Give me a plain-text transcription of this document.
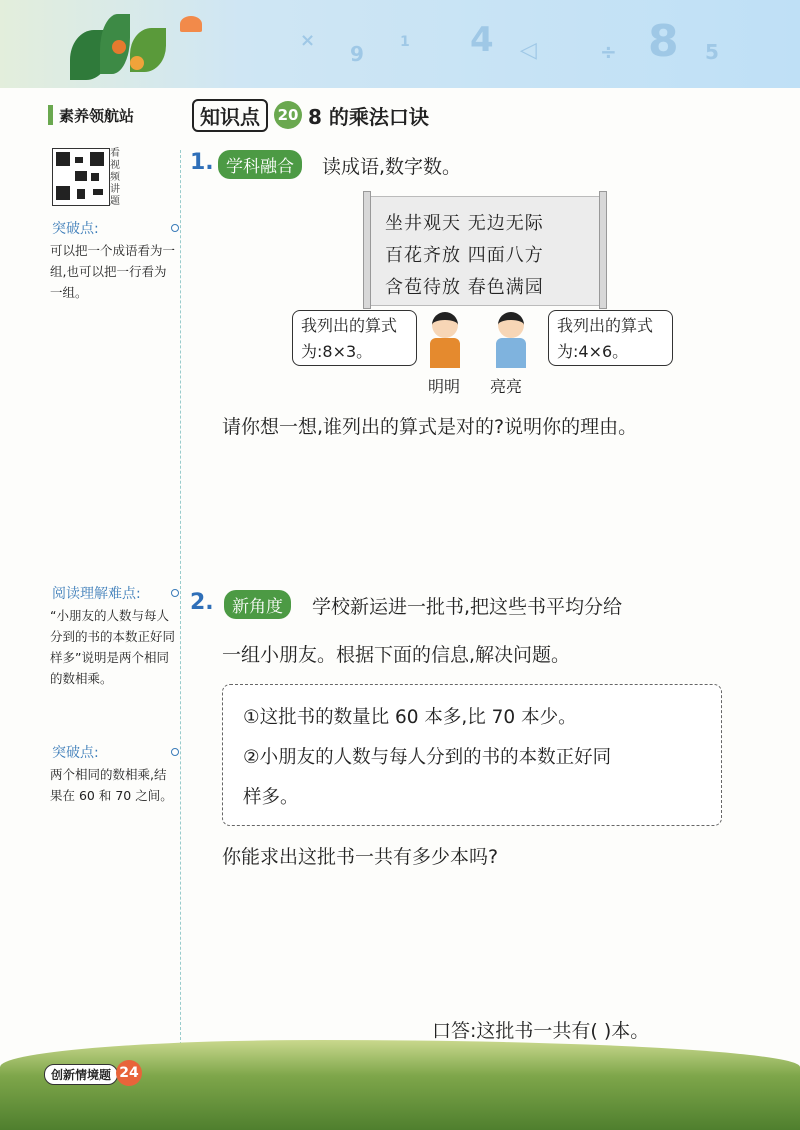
×
9	1 4 ◁	÷ 8 5
素养领航站	知识点	20 8 的乘法口诀
看视频讲题
突破点:
可以把一个成语看为一组,也可以把一行看为一组。
阅读理解难点:
“小朋友的人数与每人分到的书的本数正好同样多”说明是两个相同的数相乘。
突破点:
两个相同的数相乘,结果在 60 和 70 之间。
1. 学科融合	读成语,数字数。
坐井观天 无边无际
百花齐放 四面八方
含苞待放 春色满园
我列出的算式为:8×3。
我列出的算式为:4×6。
明明 亮亮
请你想一想,谁列出的算式是对的?说明你的理由。
2.	新角度	学校新运进一批书,把这些书平均分给
一组小朋友。根据下面的信息,解决问题。
①这批书的数量比 60 本多,比 70 本少。
②小朋友的人数与每人分到的书的本数正好同
样多。
你能求出这批书一共有多少本吗?
口答:这批书一共有( )本。
创新情境题 24
